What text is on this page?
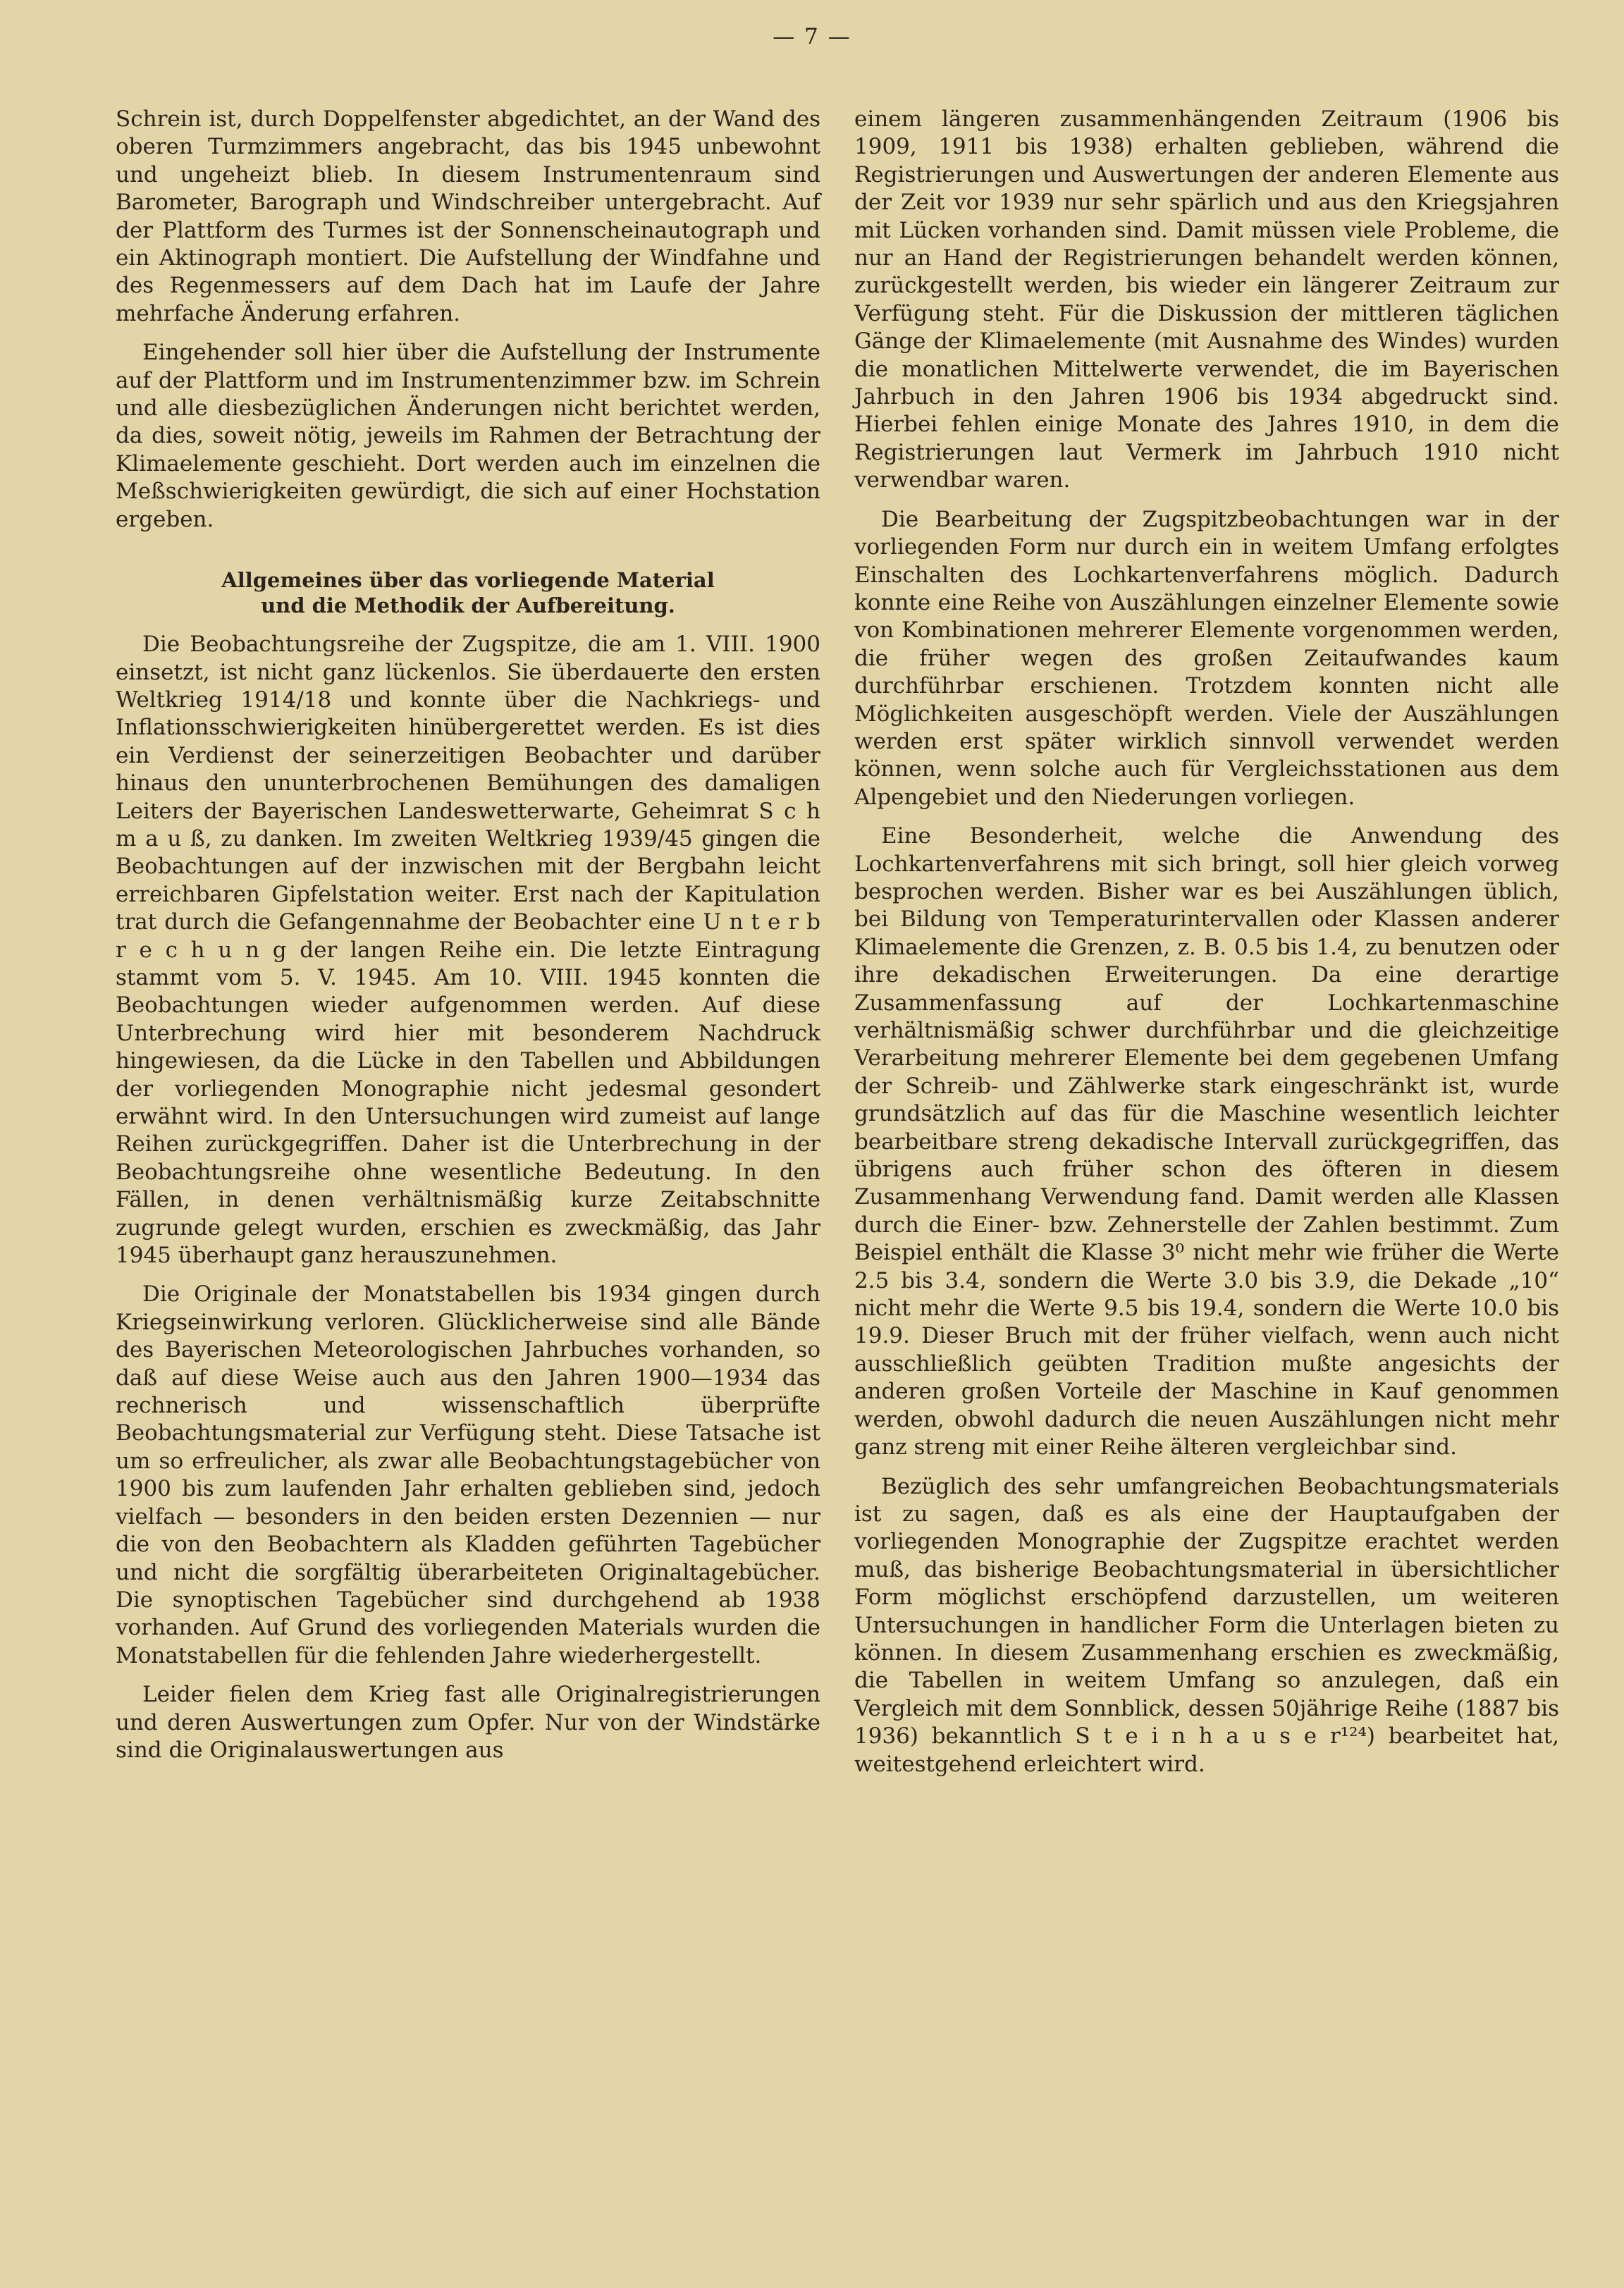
— 7 —

Schrein ist, durch Doppelfenster abgedichtet, an der Wand des oberen Turmzimmers angebracht, das bis 1945 unbewohnt und ungeheizt blieb. In diesem Instrumentenraum sind Barometer, Barograph und Windschreiber untergebracht. Auf der Plattform des Turmes ist der Sonnenscheinautograph und ein Aktinograph montiert. Die Aufstellung der Windfahne und des Regenmessers auf dem Dach hat im Laufe der Jahre mehrfache Änderung erfahren.

Eingehender soll hier über die Aufstellung der Instrumente auf der Plattform und im Instrumentenzimmer bzw. im Schrein und alle diesbezüglichen Änderungen nicht berichtet werden, da dies, soweit nötig, jeweils im Rahmen der Betrachtung der Klimaelemente geschieht. Dort werden auch im einzelnen die Meßschwierigkeiten gewürdigt, die sich auf einer Hochstation ergeben.

Allgemeines über das vorliegende Material
und die Methodik der Aufbereitung.

Die Beobachtungsreihe der Zugspitze, die am 1. VIII. 1900 einsetzt, ist nicht ganz lückenlos. Sie überdauerte den ersten Weltkrieg 1914/18 und konnte über die Nachkriegs- und Inflationsschwierigkeiten hinübergerettet werden. Es ist dies ein Verdienst der seinerzeitigen Beobachter und darüber hinaus den ununterbrochenen Bemühungen des damaligen Leiters der Bayerischen Landeswetterwarte, Geheimrat S c h m a u ß, zu danken. Im zweiten Weltkrieg 1939/45 gingen die Beobachtungen auf der inzwischen mit der Bergbahn leicht erreichbaren Gipfelstation weiter. Erst nach der Kapitulation trat durch die Gefangennahme der Beobachter eine U n t e r b r e c h u n g der langen Reihe ein. Die letzte Eintragung stammt vom 5. V. 1945. Am 10. VIII. 1945 konnten die Beobachtungen wieder aufgenommen werden. Auf diese Unterbrechung wird hier mit besonderem Nachdruck hingewiesen, da die Lücke in den Tabellen und Abbildungen der vorliegenden Monographie nicht jedesmal gesondert erwähnt wird. In den Untersuchungen wird zumeist auf lange Reihen zurückgegriffen. Daher ist die Unterbrechung in der Beobachtungsreihe ohne wesentliche Bedeutung. In den Fällen, in denen verhältnismäßig kurze Zeitabschnitte zugrunde gelegt wurden, erschien es zweckmäßig, das Jahr 1945 überhaupt ganz herauszunehmen.

Die Originale der Monatstabellen bis 1934 gingen durch Kriegseinwirkung verloren. Glücklicherweise sind alle Bände des Bayerischen Meteorologischen Jahrbuches vorhanden, so daß auf diese Weise auch aus den Jahren 1900—1934 das rechnerisch und wissenschaftlich überprüfte Beobachtungsmaterial zur Verfügung steht. Diese Tatsache ist um so erfreulicher, als zwar alle Beobachtungstagebücher von 1900 bis zum laufenden Jahr erhalten geblieben sind, jedoch vielfach — besonders in den beiden ersten Dezennien — nur die von den Beobachtern als Kladden geführten Tagebücher und nicht die sorgfältig überarbeiteten Originaltagebücher. Die synoptischen Tagebücher sind durchgehend ab 1938 vorhanden. Auf Grund des vorliegenden Materials wurden die Monatstabellen für die fehlenden Jahre wiederhergestellt.

Leider fielen dem Krieg fast alle Originalregistrierungen und deren Auswertungen zum Opfer. Nur von der Windstärke sind die Originalauswertungen aus

einem längeren zusammenhängenden Zeitraum (1906 bis 1909, 1911 bis 1938) erhalten geblieben, während die Registrierungen und Auswertungen der anderen Elemente aus der Zeit vor 1939 nur sehr spärlich und aus den Kriegsjahren mit Lücken vorhanden sind. Damit müssen viele Probleme, die nur an Hand der Registrierungen behandelt werden können, zurückgestellt werden, bis wieder ein längerer Zeitraum zur Verfügung steht. Für die Diskussion der mittleren täglichen Gänge der Klimaelemente (mit Ausnahme des Windes) wurden die monatlichen Mittelwerte verwendet, die im Bayerischen Jahrbuch in den Jahren 1906 bis 1934 abgedruckt sind. Hierbei fehlen einige Monate des Jahres 1910, in dem die Registrierungen laut Vermerk im Jahrbuch 1910 nicht verwendbar waren.

Die Bearbeitung der Zugspitzbeobachtungen war in der vorliegenden Form nur durch ein in weitem Umfang erfolgtes Einschalten des Lochkartenverfahrens möglich. Dadurch konnte eine Reihe von Auszählungen einzelner Elemente sowie von Kombinationen mehrerer Elemente vorgenommen werden, die früher wegen des großen Zeitaufwandes kaum durchführbar erschienen. Trotzdem konnten nicht alle Möglichkeiten ausgeschöpft werden. Viele der Auszählungen werden erst später wirklich sinnvoll verwendet werden können, wenn solche auch für Vergleichsstationen aus dem Alpengebiet und den Niederungen vorliegen.

Eine Besonderheit, welche die Anwendung des Lochkartenverfahrens mit sich bringt, soll hier gleich vorweg besprochen werden. Bisher war es bei Auszählungen üblich, bei Bildung von Temperaturintervallen oder Klassen anderer Klimaelemente die Grenzen, z. B. 0.5 bis 1.4, zu benutzen oder ihre dekadischen Erweiterungen. Da eine derartige Zusammenfassung auf der Lochkartenmaschine verhältnismäßig schwer durchführbar und die gleichzeitige Verarbeitung mehrerer Elemente bei dem gegebenen Umfang der Schreib- und Zählwerke stark eingeschränkt ist, wurde grundsätzlich auf das für die Maschine wesentlich leichter bearbeitbare streng dekadische Intervall zurückgegriffen, das übrigens auch früher schon des öfteren in diesem Zusammenhang Verwendung fand. Damit werden alle Klassen durch die Einer- bzw. Zehnerstelle der Zahlen bestimmt. Zum Beispiel enthält die Klasse 3⁰ nicht mehr wie früher die Werte 2.5 bis 3.4, sondern die Werte 3.0 bis 3.9, die Dekade „10“ nicht mehr die Werte 9.5 bis 19.4, sondern die Werte 10.0 bis 19.9. Dieser Bruch mit der früher vielfach, wenn auch nicht ausschließlich geübten Tradition mußte angesichts der anderen großen Vorteile der Maschine in Kauf genommen werden, obwohl dadurch die neuen Auszählungen nicht mehr ganz streng mit einer Reihe älteren vergleichbar sind.

Bezüglich des sehr umfangreichen Beobachtungsmaterials ist zu sagen, daß es als eine der Hauptaufgaben der vorliegenden Monographie der Zugspitze erachtet werden muß, das bisherige Beobachtungsmaterial in übersichtlicher Form möglichst erschöpfend darzustellen, um weiteren Untersuchungen in handlicher Form die Unterlagen bieten zu können. In diesem Zusammenhang erschien es zweckmäßig, die Tabellen in weitem Umfang so anzulegen, daß ein Vergleich mit dem Sonnblick, dessen 50jährige Reihe (1887 bis 1936) bekanntlich S t e i n h a u s e r¹²⁴) bearbeitet hat, weitestgehend erleichtert wird.
